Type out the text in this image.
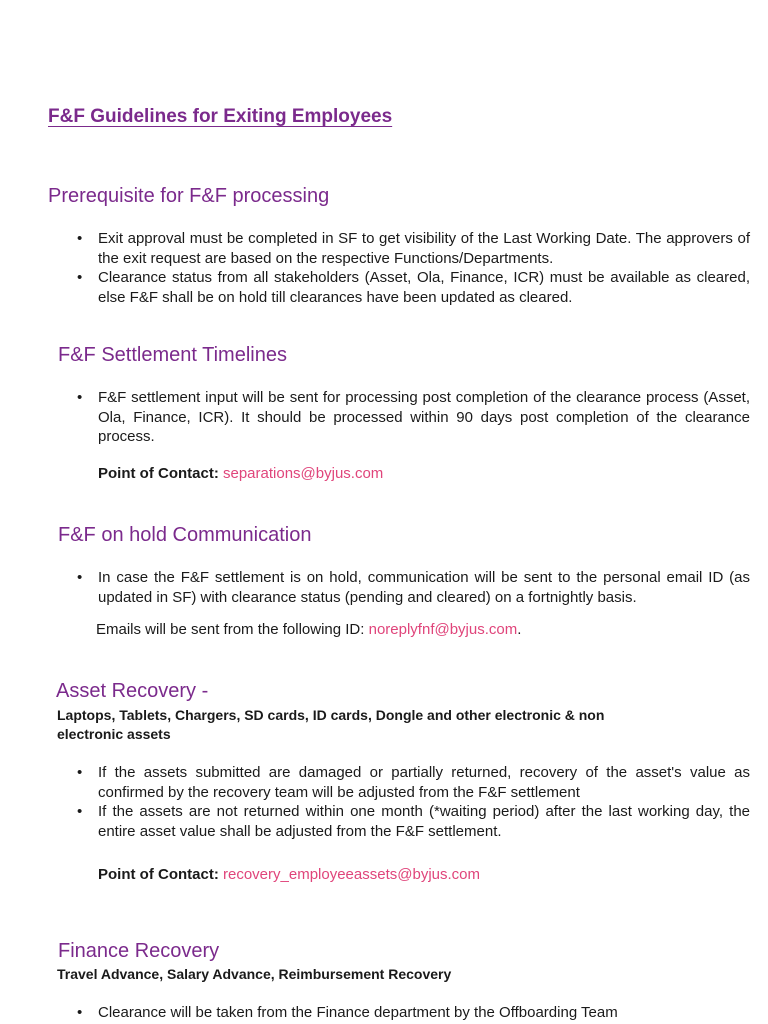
F&F Guidelines for Exiting Employees
Prerequisite for F&F processing
• Exit approval must be completed in SF to get visibility of the Last Working Date. The approvers of the exit request are based on the respective Functions/Departments.
• Clearance status from all stakeholders (Asset, Ola, Finance, ICR) must be available as cleared, else F&F shall be on hold till clearances have been updated as cleared.
F&F Settlement Timelines
• F&F settlement input will be sent for processing post completion of the clearance process (Asset, Ola, Finance, ICR). It should be processed within 90 days post completion of the clearance process.

Point of Contact: separations@byjus.com

F&F on hold Communication
• In case the F&F settlement is on hold, communication will be sent to the personal email ID (as updated in SF) with clearance status (pending and cleared) on a fortnightly basis.

Emails will be sent from the following ID: noreplyfnf@byjus.com.

Asset Recovery -

Laptops, Tablets, Chargers, SD cards, ID cards, Dongle and other electronic & non electronic assets

• If the assets submitted are damaged or partially returned, recovery of the asset's value as confirmed by the recovery team will be adjusted from the F&F settlement
• If the assets are not returned within one month (*waiting period) after the last working day, the entire asset value shall be adjusted from the F&F settlement.

Point of Contact: recovery_employeeassets@byjus.com

Finance Recovery

Travel Advance, Salary Advance, Reimbursement Recovery

• Clearance will be taken from the Finance department by the Offboarding Team
